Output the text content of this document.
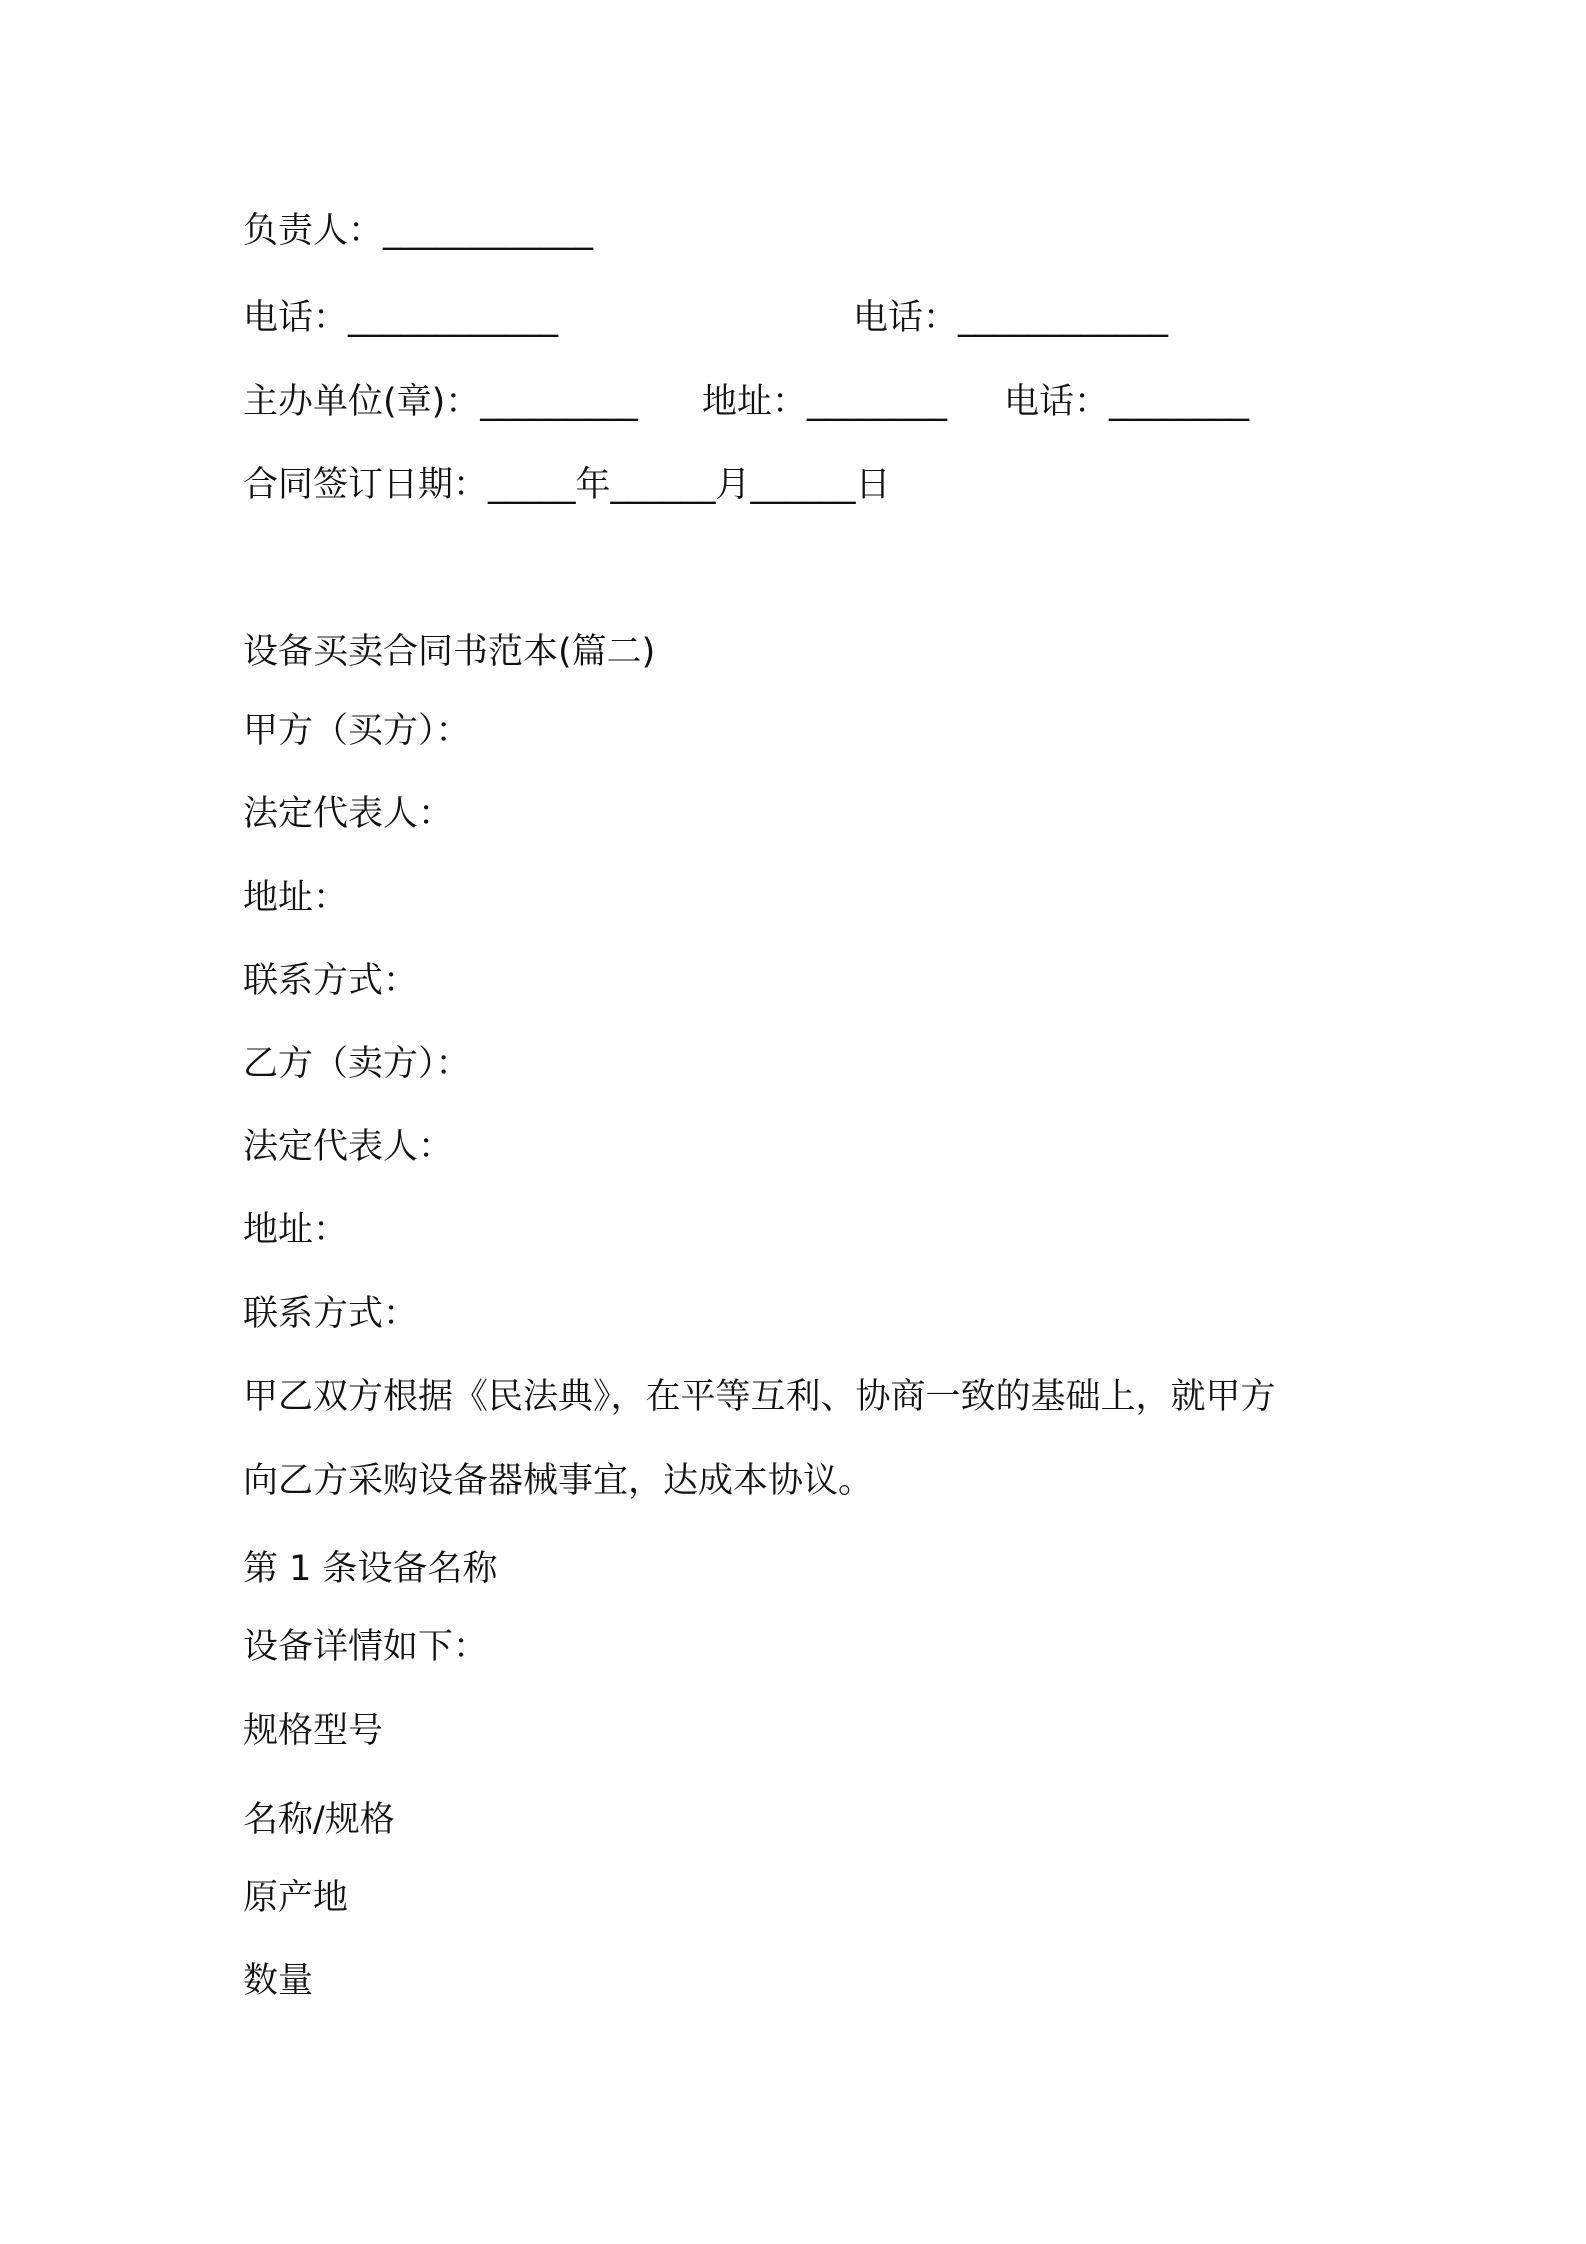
负责人：____________
电话：____________	电话：____________
主办单位(章)：_________ 地址：________ 电话：________
合同签订日期：_____年______月______日
设备买卖合同书范本(篇二)
甲方（买方）：
法定代表人：
地址：
联系方式：
乙方（卖方）：
法定代表人：
地址：
联系方式：
甲乙双方根据《民法典》，在平等互利、协商一致的基础上，就甲方
向乙方采购设备器械事宜，达成本协议。
第 1 条设备名称
设备详情如下：
规格型号
名称/规格
原产地
数量
